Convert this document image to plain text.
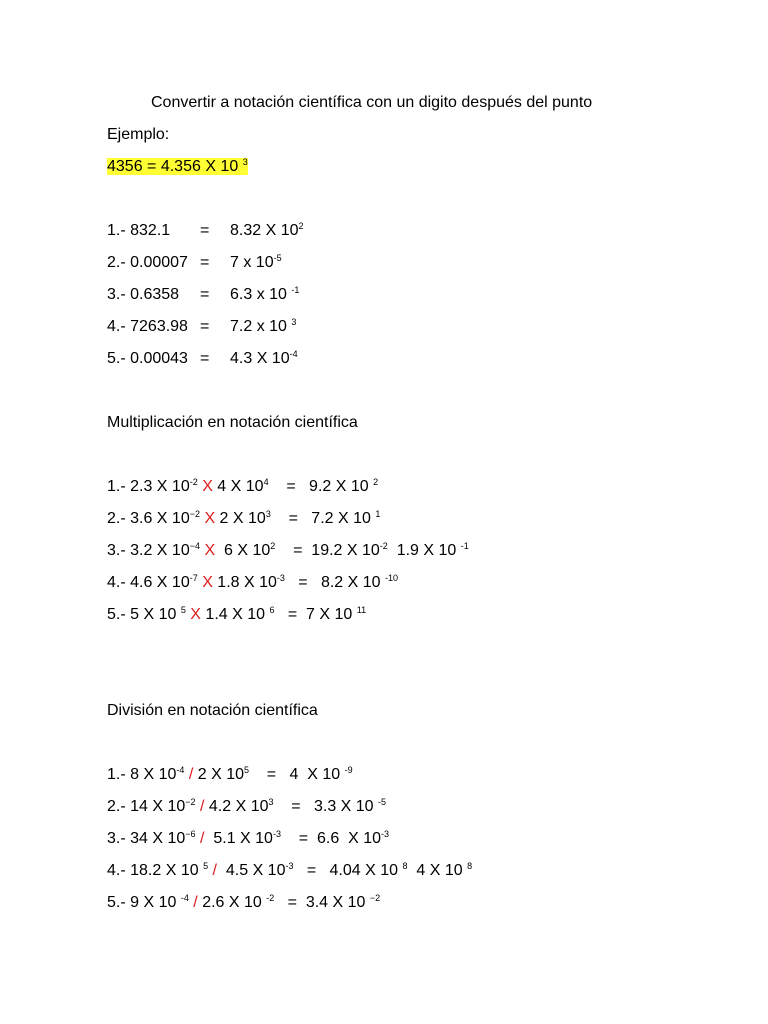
Convertir a notación científica con un digito después del punto
Ejemplo:
4356 = 4.356 X 10 $^3$
1.- 832.1 = 8.32 X $10^2$
2.- 0.00007 = 7 x $10^{-5}$
3.- 0.6358 = 6.3 x 10 $^{-1}$
4.- 7263.98 = 7.2 x 10 $^3$
5.- 0.00043 = 4.3 X $10^{-4}$
Multiplicación en notación científica
1.- 2.3 X $10^{-2}$ X 4 X $10^4$    =   9.2 X 10 $^2$
2.- 3.6 X $10^{-2}$ X 2 X $10^3$    =   7.2 X 10 $^1$
3.- 3.2 X $10^{-4}$ X  6 X $10^2$    =  19.2 X $10^{-2}$  1.9 X 10 $^{-1}$
4.- 4.6 X $10^{-7}$ X 1.8 X $10^{-3} = 8.2$ X 10 $^{-10}$
5.- 5 X 10 $^5$ X 1.4 X 10 $^6$   =  7 X 10 $^{11}$
División en notación científica
1.- 8 X $10^{-4} / 2$ X $10^5$    =   4  X 10 $^{-9}$
2.- 14 X $10^{-2} / 4.2$ X $10^3$    =   3.3 X 10 $^{-5}$
3.- 34 X $10^{-6} / 5.1$ X $10^{-3}$    =  6.6  X $10^{-3}$
4.- 18.2 X 10 $^5$ /  4.5 X $10^{-3} = 4.04$ X 10 $^8$  4 X 10 $^8$
5.- 9 X 10 $^{-4}$ / 2.6 X 10 $^{-2}$   =  3.4 X 10 $^{-2}$
